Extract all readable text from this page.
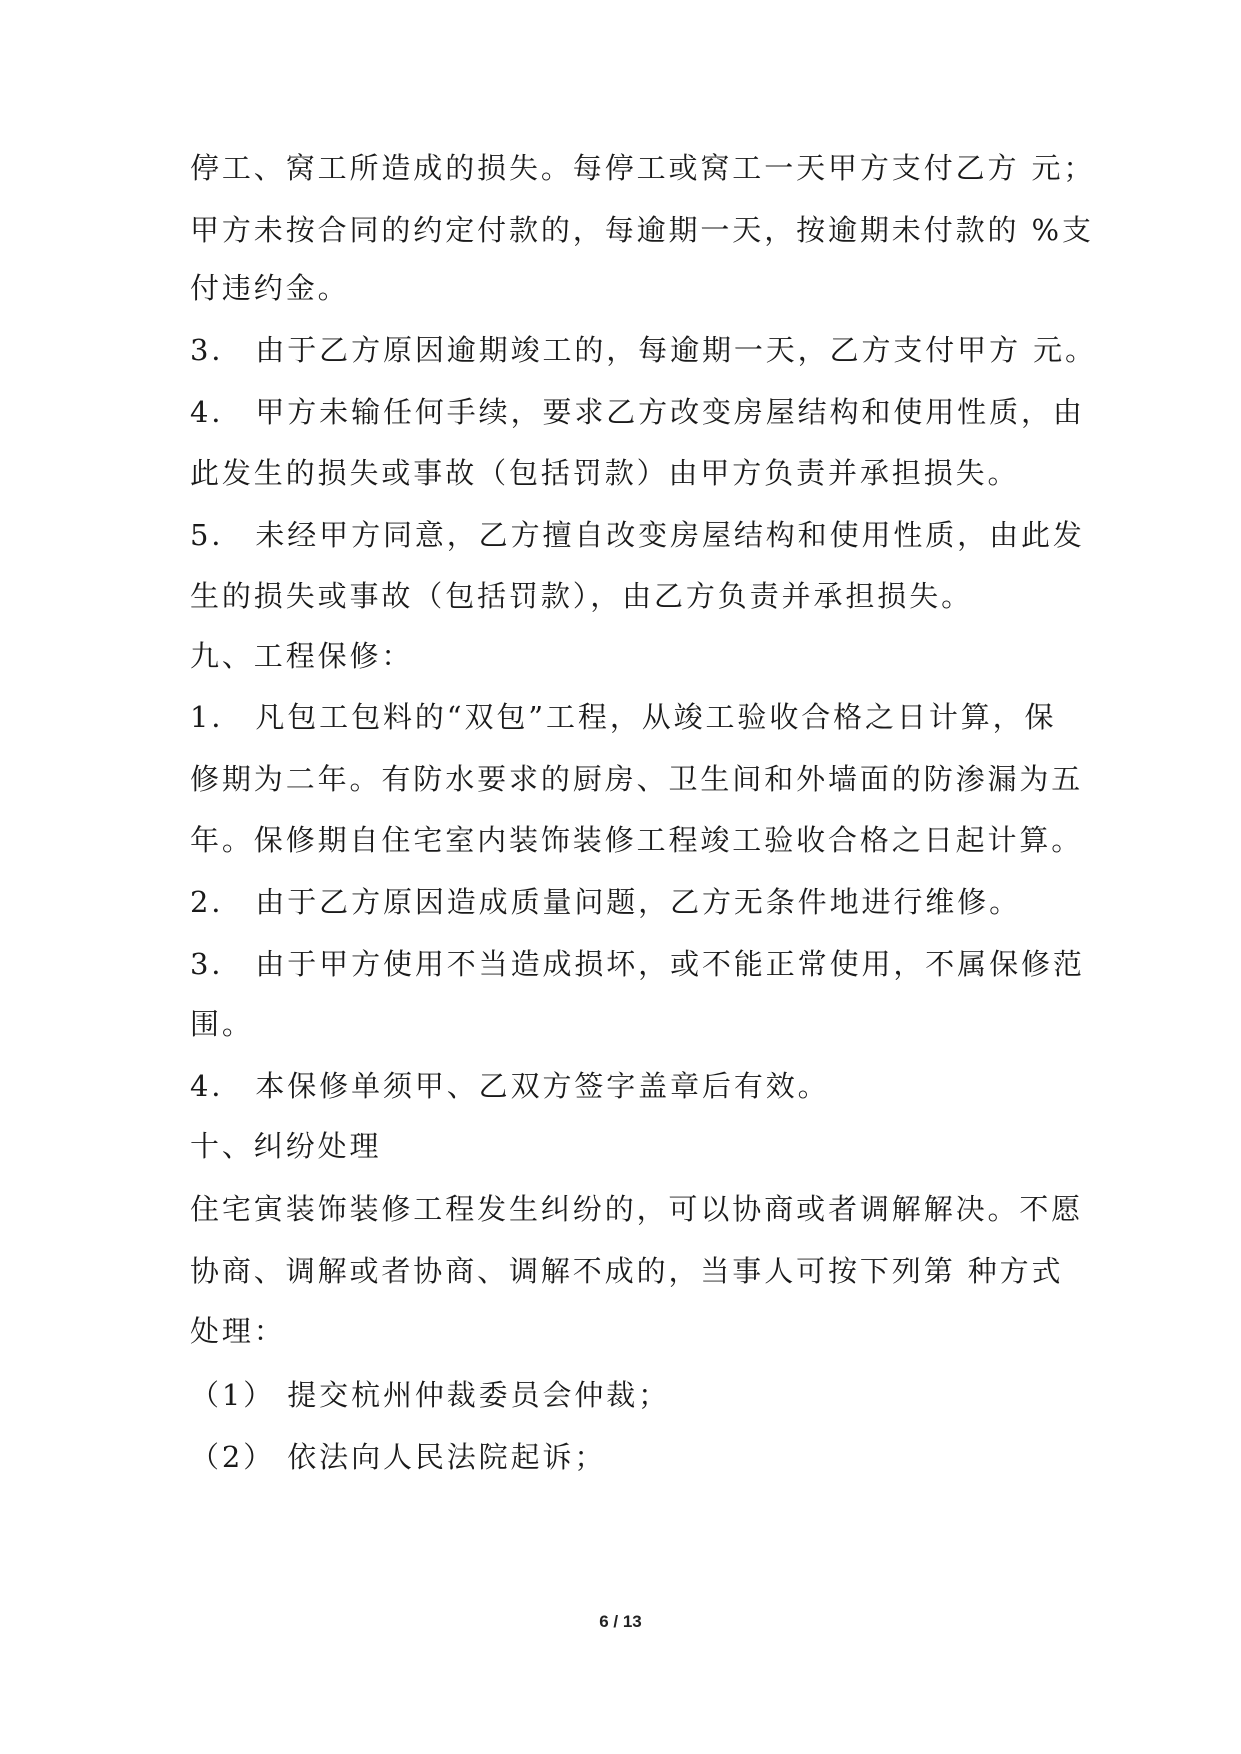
停工、窝工所造成的损失。每停工或窝工一天甲方支付乙方 元；
甲方未按合同的约定付款的，每逾期一天，按逾期未付款的 %支
付违约金。
3． 由于乙方原因逾期竣工的，每逾期一天，乙方支付甲方 元。
4． 甲方未输任何手续，要求乙方改变房屋结构和使用性质，由
此发生的损失或事故（包括罚款）由甲方负责并承担损失。
5． 未经甲方同意，乙方擅自改变房屋结构和使用性质，由此发
生的损失或事故（包括罚款），由乙方负责并承担损失。
九、工程保修：
1． 凡包工包料的“双包”工程，从竣工验收合格之日计算，保
修期为二年。有防水要求的厨房、卫生间和外墙面的防渗漏为五
年。保修期自住宅室内装饰装修工程竣工验收合格之日起计算。
2． 由于乙方原因造成质量问题，乙方无条件地进行维修。
3． 由于甲方使用不当造成损坏，或不能正常使用，不属保修范
围。
4． 本保修单须甲、乙双方签字盖章后有效。
十、纠纷处理
住宅寅装饰装修工程发生纠纷的，可以协商或者调解解决。不愿
协商、调解或者协商、调解不成的，当事人可按下列第 种方式
处理：
（1） 提交杭州仲裁委员会仲裁；
（2） 依法向人民法院起诉；
6 / 13
